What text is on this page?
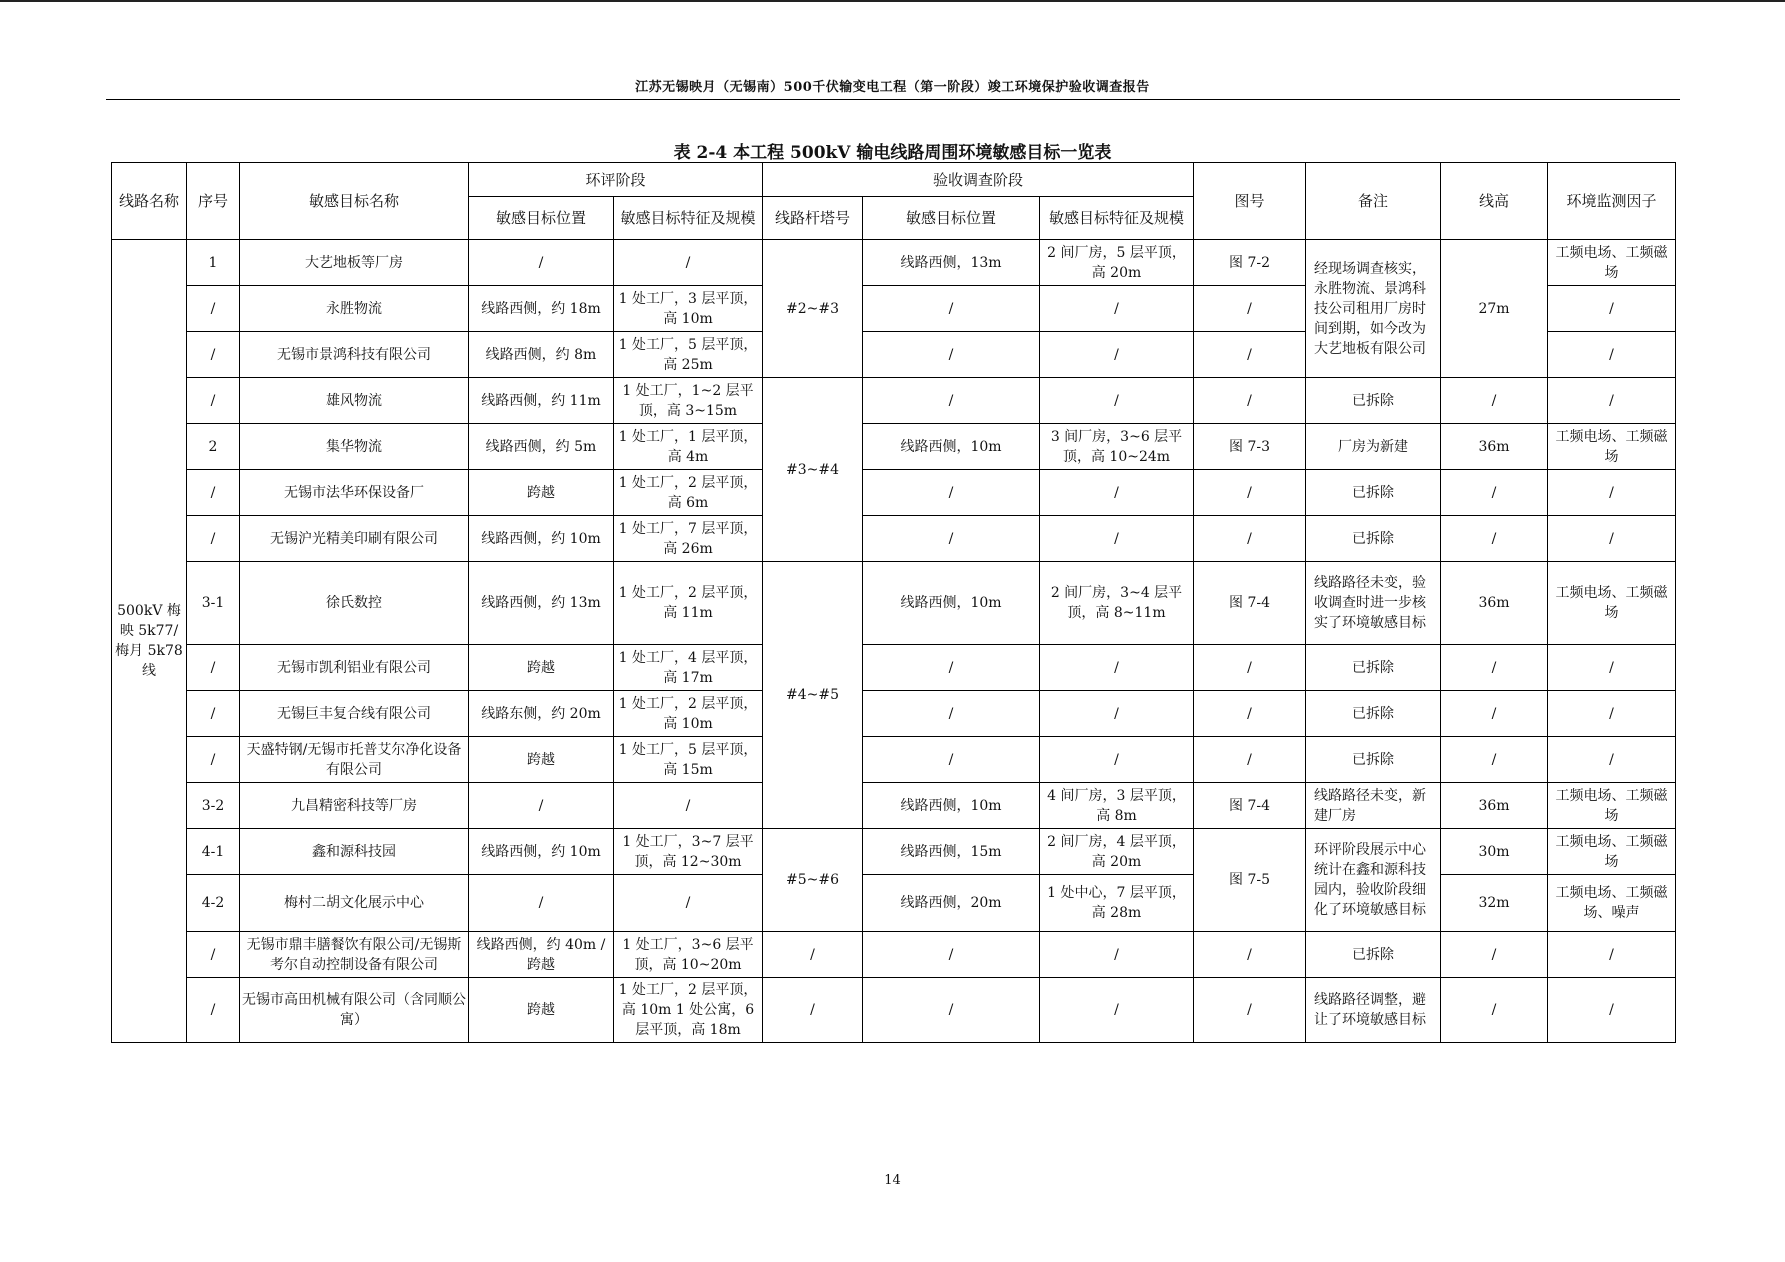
江苏无锡映月（无锡南）500千伏输变电工程（第一阶段）竣工环境保护验收调查报告
表 2-4 本工程 500kV 输电线路周围环境敏感目标一览表
线路名称	序号	敏感目标名称	环评阶段		验收调查阶段			图号	备注	线高	环境监测因子
			敏感目标位置	敏感目标特征及规模	线路杆塔号	敏感目标位置	敏感目标特征及规模				
500kV 梅映 5k77/梅月 5k78 线	1	大艺地板等厂房	/	/	#2~#3	线路西侧，13m	2 间厂房，5 层平顶，高 20m	图 7-2	经现场调查核实，永胜物流、景鸿科技公司租用厂房时间到期，如今改为大艺地板有限公司	27m	工频电场、工频磁场
	/	永胜物流	线路西侧，约 18m	1 处工厂，3 层平顶，高 10m		/	/	/			/
	/	无锡市景鸿科技有限公司	线路西侧，约 8m	1 处工厂，5 层平顶，高 25m		/	/	/			/
	/	雄风物流	线路西侧，约 11m	1 处工厂，1~2 层平顶，高 3~15m	#3~#4	/	/	/	已拆除	/	/
	2	集华物流	线路西侧，约 5m	1 处工厂，1 层平顶，高 4m		线路西侧，10m	3 间厂房，3~6 层平顶，高 10~24m	图 7-3	厂房为新建	36m	工频电场、工频磁场
	/	无锡市法华环保设备厂	跨越	1 处工厂，2 层平顶，高 6m		/	/	/	已拆除	/	/
	/	无锡沪光精美印刷有限公司	线路西侧，约 10m	1 处工厂，7 层平顶，高 26m		/	/	/	已拆除	/	/
	3-1	徐氏数控	线路西侧，约 13m	1 处工厂，2 层平顶，高 11m	#4~#5	线路西侧，10m	2 间厂房，3~4 层平顶，高 8~11m	图 7-4	线路路径未变，验收调查时进一步核实了环境敏感目标	36m	工频电场、工频磁场
	/	无锡市凯利铝业有限公司	跨越	1 处工厂，4 层平顶，高 17m		/	/	/	已拆除	/	/
	/	无锡巨丰复合线有限公司	线路东侧，约 20m	1 处工厂，2 层平顶，高 10m		/	/	/	已拆除	/	/
	/	天盛特钢/无锡市托普艾尔净化设备有限公司	跨越	1 处工厂，5 层平顶，高 15m		/	/	/	已拆除	/	/
	3-2	九昌精密科技等厂房	/	/		线路西侧，10m	4 间厂房，3 层平顶，高 8m	图 7-4	线路路径未变，新建厂房	36m	工频电场、工频磁场
	4-1	鑫和源科技园	线路西侧，约 10m	1 处工厂，3~7 层平顶，高 12~30m	#5~#6	线路西侧，15m	2 间厂房，4 层平顶，高 20m	图 7-5	环评阶段展示中心统计在鑫和源科技园内，验收阶段细化了环境敏感目标	30m	工频电场、工频磁场
	4-2	梅村二胡文化展示中心	/	/		线路西侧，20m	1 处中心，7 层平顶，高 28m			32m	工频电场、工频磁场、噪声
	/	无锡市鼎丰膳餐饮有限公司/无锡斯考尔自动控制设备有限公司	线路西侧，约 40m /跨越	1 处工厂，3~6 层平顶，高 10~20m	/	/	/	/	已拆除	/	/
	/	无锡市高田机械有限公司（含同顺公寓）	跨越	1 处工厂，2 层平顶，高 10m 1 处公寓，6 层平顶，高 18m	/	/	/	/	线路路径调整，避让了环境敏感目标	/	/
14
